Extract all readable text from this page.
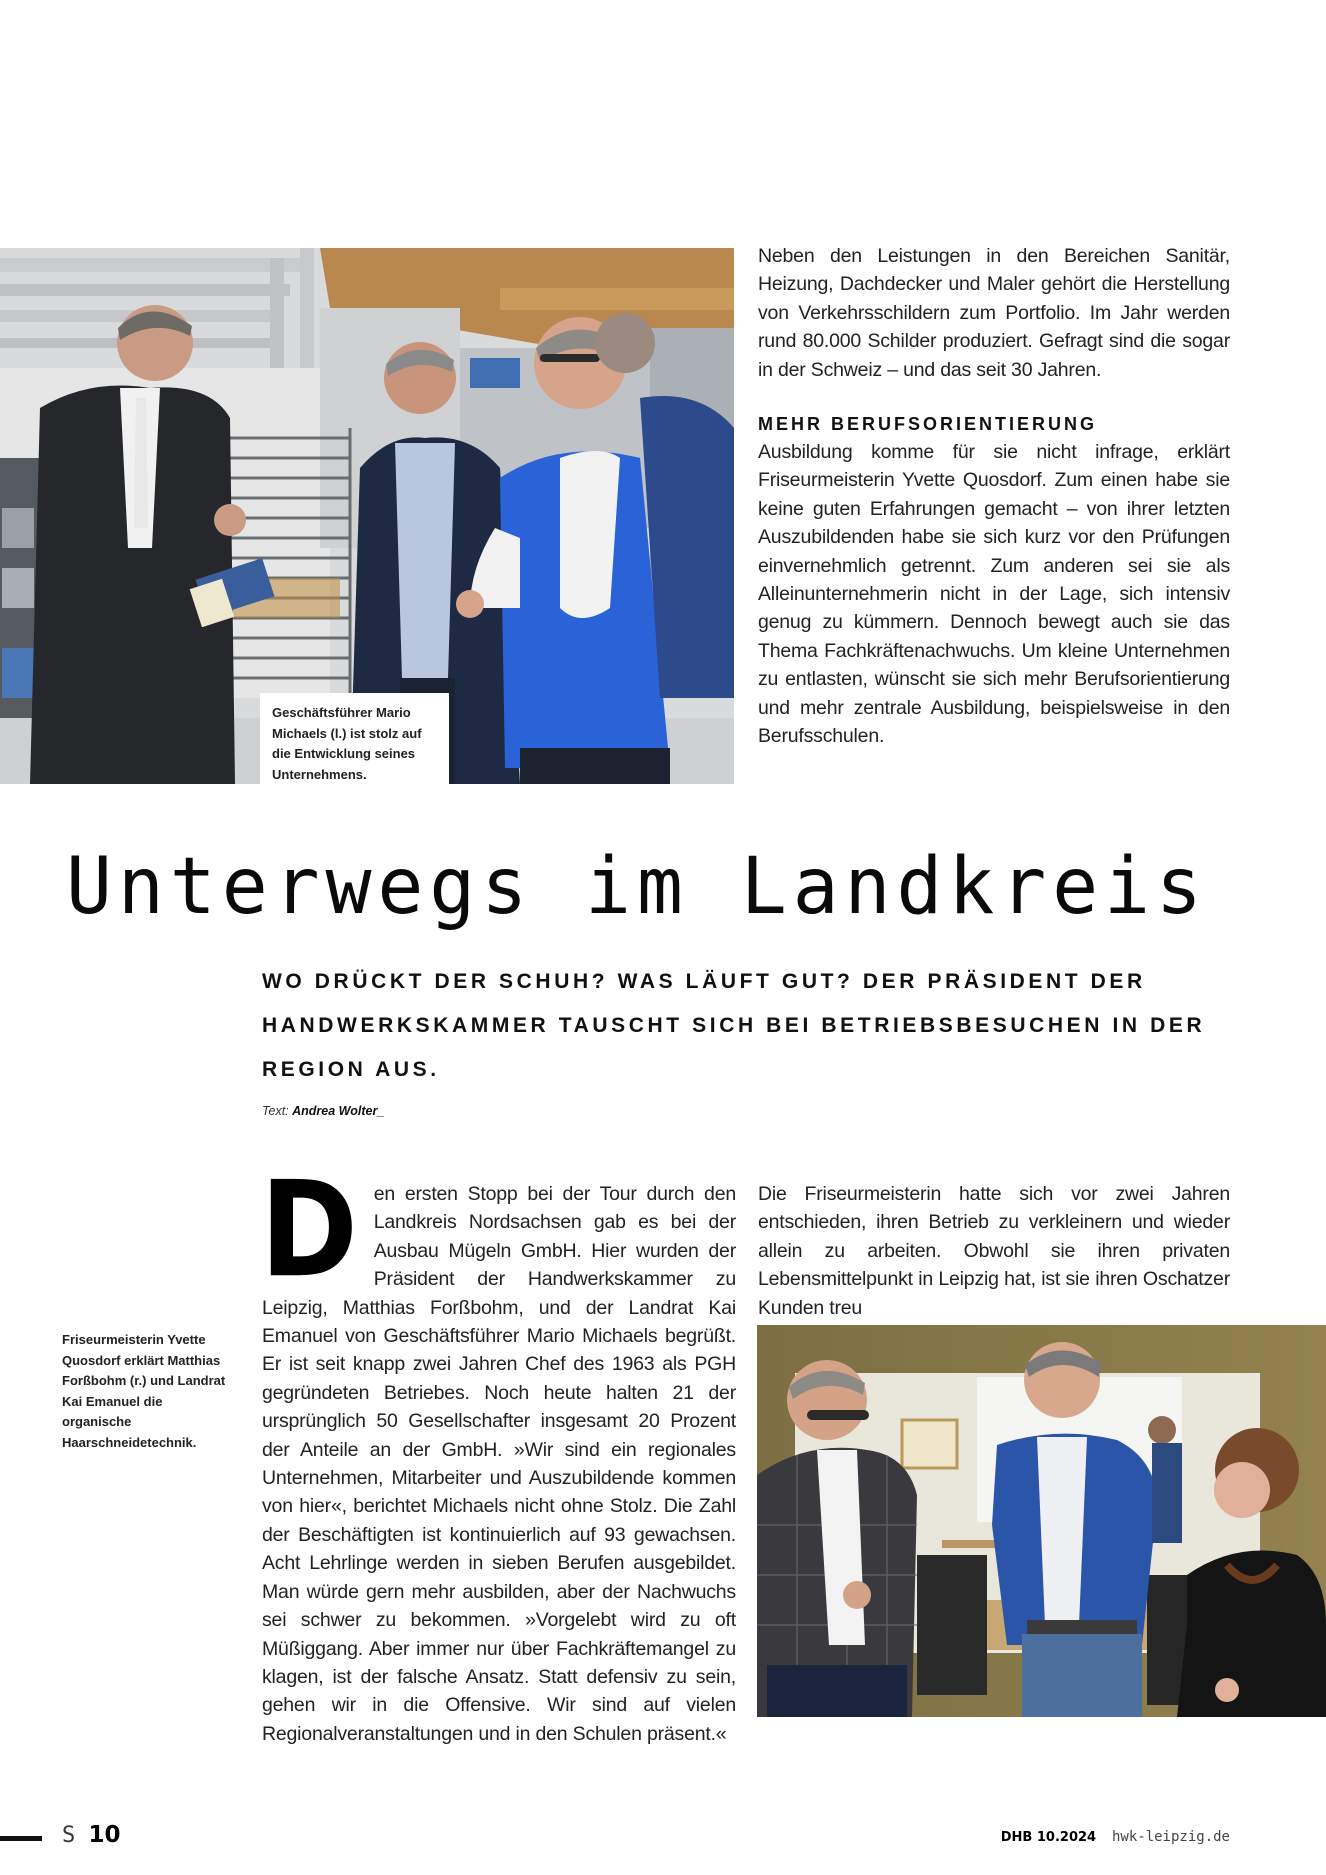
Geschäftsführer Mario Michaels (l.) ist stolz auf die Entwicklung seines Unternehmens.

Neben den Leistungen in den Bereichen Sanitär, Heizung, Dachdecker und Maler gehört die Herstellung von Verkehrsschildern zum Portfolio. Im Jahr werden rund 80.000 Schilder produziert. Gefragt sind die sogar in der Schweiz – und das seit 30 Jahren.

MEHR BERUFSORIENTIERUNG

Ausbildung komme für sie nicht infrage, erklärt Friseurmeisterin Yvette Quosdorf. Zum einen habe sie keine guten Erfahrungen gemacht – von ihrer letzten Auszubildenden habe sie sich kurz vor den Prüfungen einvernehmlich getrennt. Zum anderen sei sie als Alleinunternehmerin nicht in der Lage, sich intensiv genug zu kümmern. Dennoch bewegt auch sie das Thema Fachkräftenachwuchs. Um kleine Unternehmen zu entlasten, wünscht sie sich mehr Berufsorientierung und mehr zentrale Ausbildung, beispielsweise in den Berufsschulen.

Unterwegs im Landkreis
WO DRÜCKT DER SCHUH? WAS LÄUFT GUT? DER PRÄSIDENT DER HANDWERKSKAMMER TAUSCHT SICH BEI BETRIEBSBESUCHEN IN DER REGION AUS.
Text: Andrea Wolter_
Friseurmeisterin Yvette Quosdorf erklärt Matthias Forßbohm (r.) und Landrat Kai Emanuel die organische Haarschneidetechnik.
D en ersten Stopp bei der Tour durch den Landkreis Nordsachsen gab es bei der Ausbau Mügeln GmbH. Hier wurden der Präsident der Handwerkskammer zu Leipzig, Matthias Forßbohm, und der Landrat Kai Emanuel von Geschäftsführer Mario Michaels begrüßt. Er ist seit knapp zwei Jahren Chef des 1963 als PGH gegründeten Betriebes. Noch heute halten 21 der ursprünglich 50 Gesellschafter insgesamt 20 Prozent der Anteile an der GmbH. »Wir sind ein regionales Unternehmen, Mitarbeiter und Auszubildende kommen von hier«, berichtet Michaels nicht ohne Stolz. Die Zahl der Beschäftigten ist kontinuierlich auf 93 gewachsen. Acht Lehrlinge werden in sieben Berufen ausgebildet. Man würde gern mehr ausbilden, aber der Nachwuchs sei schwer zu bekommen. »Vorgelebt wird zu oft Müßiggang. Aber immer nur über Fachkräftemangel zu klagen, ist der falsche Ansatz. Statt defensiv zu sein, gehen wir in die Offensive. Wir sind auf vielen Regionalveranstaltungen und in den Schulen präsent.«

Die Friseurmeisterin hatte sich vor zwei Jahren entschieden, ihren Betrieb zu verkleinern und wieder allein zu arbeiten. Obwohl sie ihren privaten Lebensmittelpunkt in Leipzig hat, ist sie ihren Oschatzer Kunden treu

S 10	DHB 10.2024 hwk-leipzig.de
